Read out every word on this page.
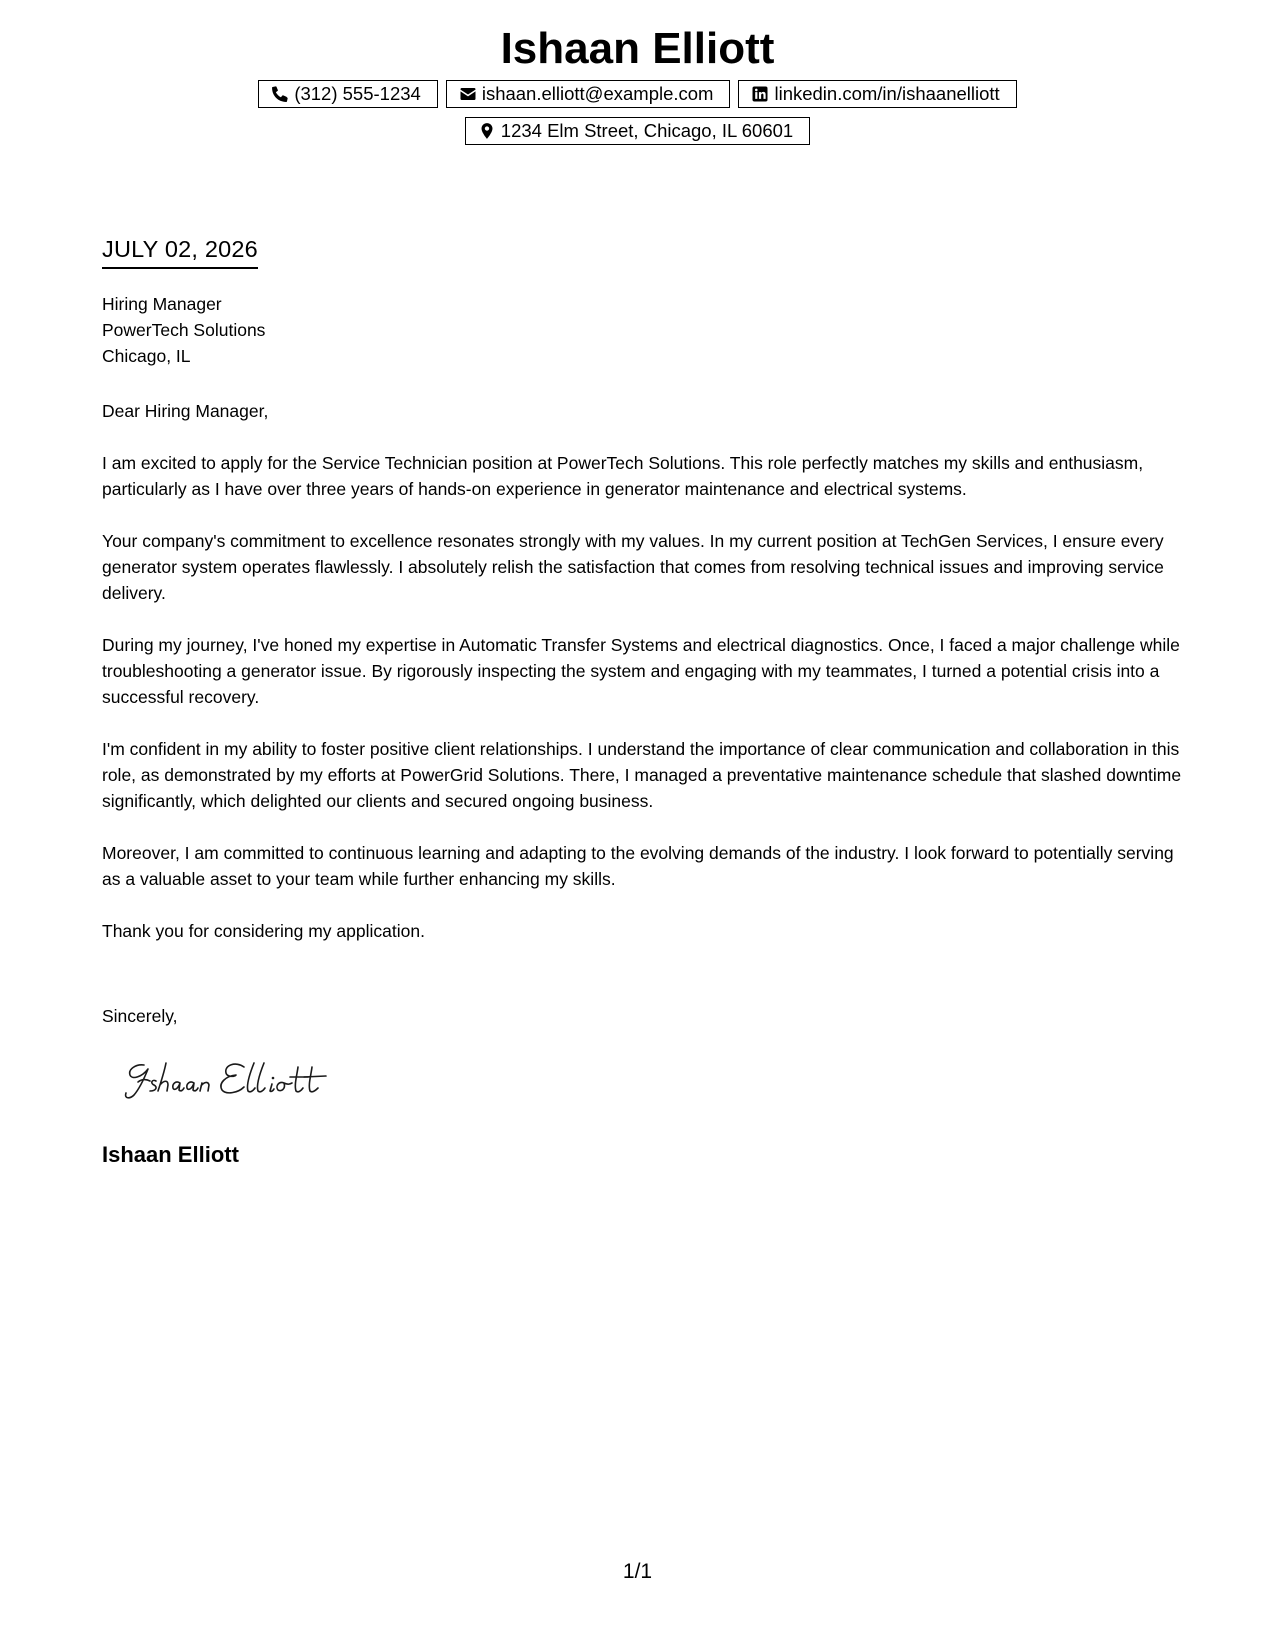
Ishaan Elliott
(312) 555-1234	ishaan.elliott@example.com	linkedin.com/in/ishaanelliott
1234 Elm Street, Chicago, IL 60601
JULY 02, 2026
Hiring Manager
PowerTech Solutions
Chicago, IL
Dear Hiring Manager,

I am excited to apply for the Service Technician position at PowerTech Solutions. This role perfectly matches my skills and enthusiasm, particularly as I have over three years of hands-on experience in generator maintenance and electrical systems.

Your company's commitment to excellence resonates strongly with my values. In my current position at TechGen Services, I ensure every generator system operates flawlessly. I absolutely relish the satisfaction that comes from resolving technical issues and improving service delivery.

During my journey, I've honed my expertise in Automatic Transfer Systems and electrical diagnostics. Once, I faced a major challenge while troubleshooting a generator issue. By rigorously inspecting the system and engaging with my teammates, I turned a potential crisis into a successful recovery.

I'm confident in my ability to foster positive client relationships. I understand the importance of clear communication and collaboration in this role, as demonstrated by my efforts at PowerGrid Solutions. There, I managed a preventative maintenance schedule that slashed downtime significantly, which delighted our clients and secured ongoing business.

Moreover, I am committed to continuous learning and adapting to the evolving demands of the industry. I look forward to potentially serving as a valuable asset to your team while further enhancing my skills.

Thank you for considering my application.

Sincerely,
Ishaan Elliott
1/1
